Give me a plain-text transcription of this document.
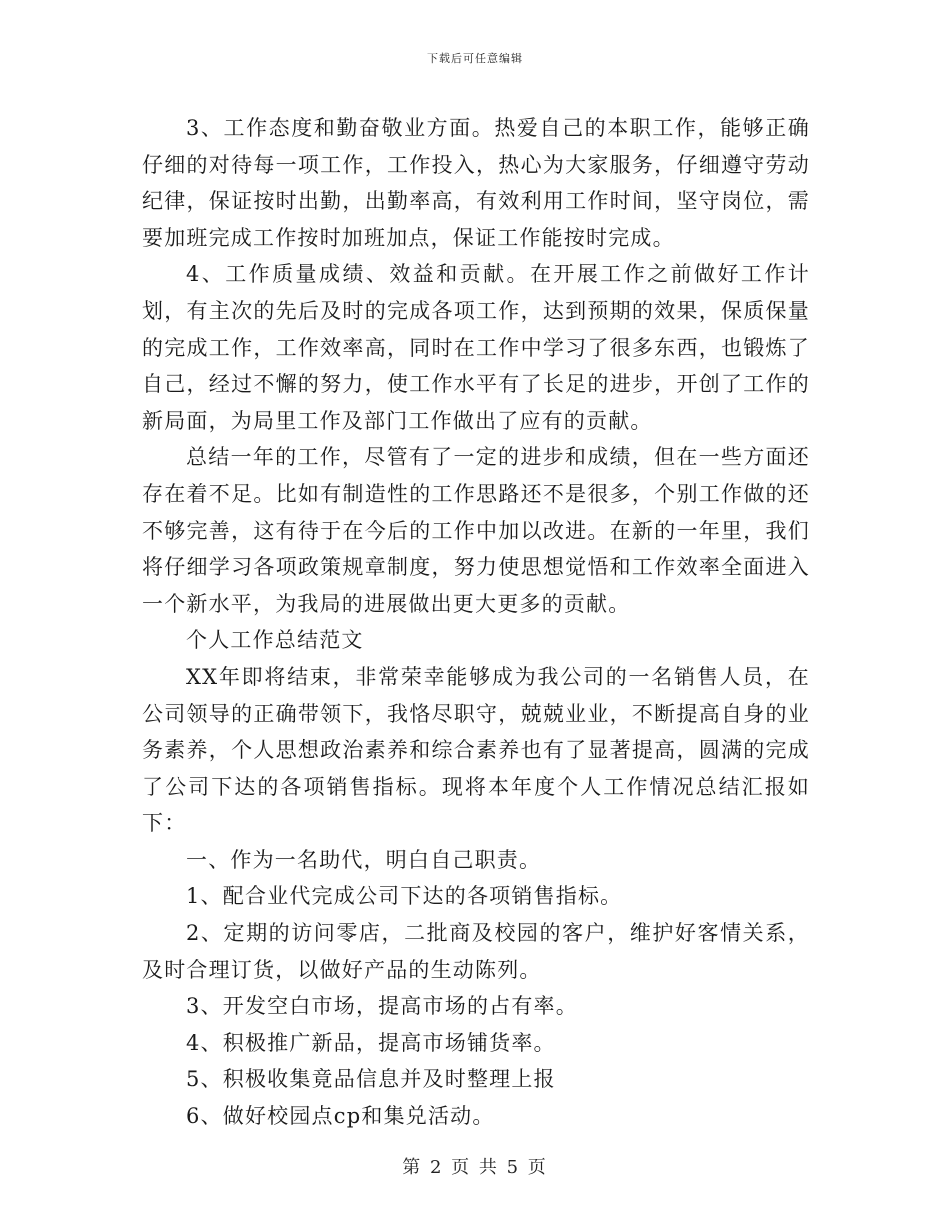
下载后可任意编辑

3、工作态度和勤奋敬业方面。热爱自己的本职工作，能够正确仔细的对待每一项工作，工作投入，热心为大家服务，仔细遵守劳动纪律，保证按时出勤，出勤率高，有效利用工作时间，坚守岗位，需要加班完成工作按时加班加点，保证工作能按时完成。

4、工作质量成绩、效益和贡献。在开展工作之前做好工作计划，有主次的先后及时的完成各项工作，达到预期的效果，保质保量的完成工作，工作效率高，同时在工作中学习了很多东西，也锻炼了自己，经过不懈的努力，使工作水平有了长足的进步，开创了工作的新局面，为局里工作及部门工作做出了应有的贡献。

总结一年的工作，尽管有了一定的进步和成绩，但在一些方面还存在着不足。比如有制造性的工作思路还不是很多，个别工作做的还不够完善，这有待于在今后的工作中加以改进。在新的一年里，我们将仔细学习各项政策规章制度，努力使思想觉悟和工作效率全面进入一个新水平，为我局的进展做出更大更多的贡献。

个人工作总结范文

XX年即将结束，非常荣幸能够成为我公司的一名销售人员，在公司领导的正确带领下，我恪尽职守，兢兢业业，不断提高自身的业务素养，个人思想政治素养和综合素养也有了显著提高，圆满的完成了公司下达的各项销售指标。现将本年度个人工作情况总结汇报如下：

一、作为一名助代，明白自己职责。

1、配合业代完成公司下达的各项销售指标。

2、定期的访问零店，二批商及校园的客户，维护好客情关系，及时合理订货，以做好产品的生动陈列。

3、开发空白市场，提高市场的占有率。

4、积极推广新品，提高市场铺货率。

5、积极收集竟品信息并及时整理上报

6、做好校园点cp和集兑活动。

第 2 页 共 5 页
